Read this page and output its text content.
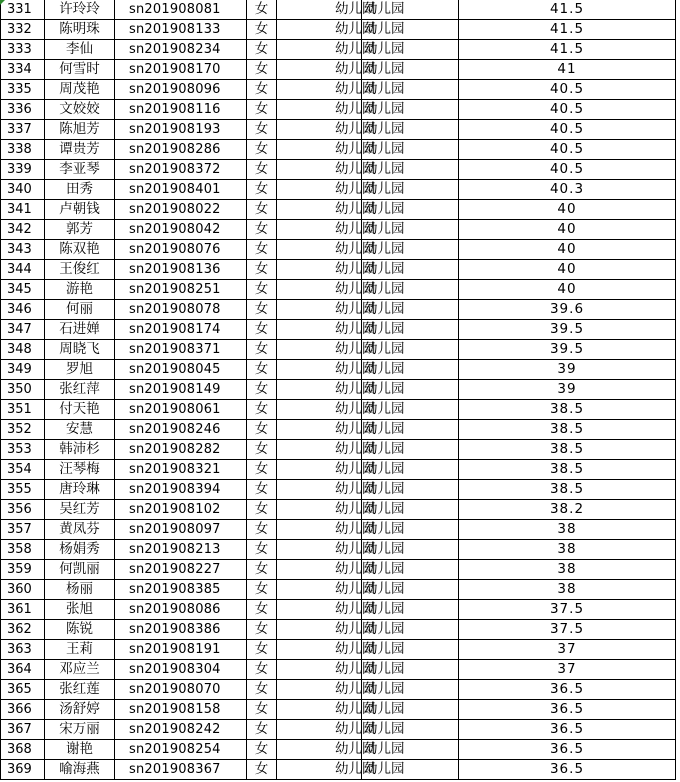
331	许玲玲	sn201908081	女	幼儿园	幼儿园	41.5
332	陈明珠	sn201908133	女	幼儿园	幼儿园	41.5
333	李仙	sn201908234	女	幼儿园	幼儿园	41.5
334	何雪时	sn201908170	女	幼儿园	幼儿园	41
335	周茂艳	sn201908096	女	幼儿园	幼儿园	40.5
336	文姣姣	sn201908116	女	幼儿园	幼儿园	40.5
337	陈旭芳	sn201908193	女	幼儿园	幼儿园	40.5
338	谭贵芳	sn201908286	女	幼儿园	幼儿园	40.5
339	李亚琴	sn201908372	女	幼儿园	幼儿园	40.5
340	田秀	sn201908401	女	幼儿园	幼儿园	40.3
341	卢朝钱	sn201908022	女	幼儿园	幼儿园	40
342	郭芳	sn201908042	女	幼儿园	幼儿园	40
343	陈双艳	sn201908076	女	幼儿园	幼儿园	40
344	王俊红	sn201908136	女	幼儿园	幼儿园	40
345	游艳	sn201908251	女	幼儿园	幼儿园	40
346	何丽	sn201908078	女	幼儿园	幼儿园	39.6
347	石进婵	sn201908174	女	幼儿园	幼儿园	39.5
348	周晓飞	sn201908371	女	幼儿园	幼儿园	39.5
349	罗旭	sn201908045	女	幼儿园	幼儿园	39
350	张红萍	sn201908149	女	幼儿园	幼儿园	39
351	付天艳	sn201908061	女	幼儿园	幼儿园	38.5
352	安慧	sn201908246	女	幼儿园	幼儿园	38.5
353	韩沛杉	sn201908282	女	幼儿园	幼儿园	38.5
354	汪琴梅	sn201908321	女	幼儿园	幼儿园	38.5
355	唐玲琳	sn201908394	女	幼儿园	幼儿园	38.5
356	吴红芳	sn201908102	女	幼儿园	幼儿园	38.2
357	黄凤芬	sn201908097	女	幼儿园	幼儿园	38
358	杨娟秀	sn201908213	女	幼儿园	幼儿园	38
359	何凯丽	sn201908227	女	幼儿园	幼儿园	38
360	杨丽	sn201908385	女	幼儿园	幼儿园	38
361	张旭	sn201908086	女	幼儿园	幼儿园	37.5
362	陈锐	sn201908386	女	幼儿园	幼儿园	37.5
363	王莉	sn201908191	女	幼儿园	幼儿园	37
364	邓应兰	sn201908304	女	幼儿园	幼儿园	37
365	张红莲	sn201908070	女	幼儿园	幼儿园	36.5
366	汤舒婷	sn201908158	女	幼儿园	幼儿园	36.5
367	宋万丽	sn201908242	女	幼儿园	幼儿园	36.5
368	谢艳	sn201908254	女	幼儿园	幼儿园	36.5
369	喻海燕	sn201908367	女	幼儿园	幼儿园	36.5
